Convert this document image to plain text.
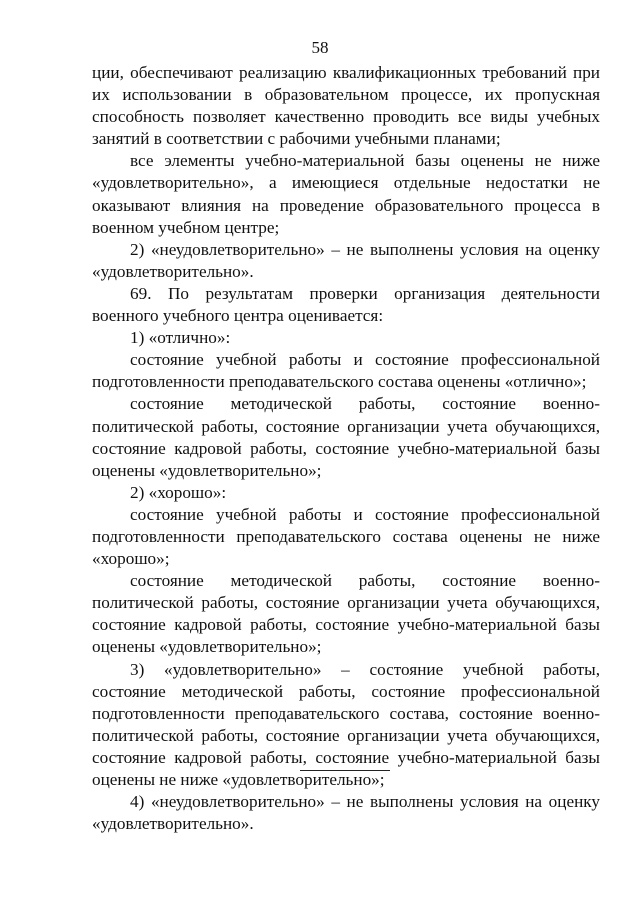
58

ции, обеспечивают реализацию квалификационных требований при их использовании в образовательном процессе, их пропускная способность позволяет качественно проводить все виды учебных занятий в соответствии с рабочими учебными планами;

все элементы учебно-материальной базы оценены не ниже «удовлетворительно», а имеющиеся отдельные недостатки не оказывают влияния на проведение образовательного процесса в военном учебном центре;

2) «неудовлетворительно» – не выполнены условия на оценку «удовлетворительно».

69. По результатам проверки организация деятельности военного учебного центра оценивается:

1) «отлично»:

состояние учебной работы и состояние профессиональной подготовленности преподавательского состава оценены «отлично»;

состояние методической работы, состояние военно-политической работы, состояние организации учета обучающихся, состояние кадровой работы, состояние учебно-материальной базы оценены «удовлетворительно»;

2) «хорошо»:

состояние учебной работы и состояние профессиональной подготовленности преподавательского состава оценены не ниже «хорошо»;

состояние методической работы, состояние военно-политической работы, состояние организации учета обучающихся, состояние кадровой работы, состояние учебно-материальной базы оценены «удовлетворительно»;

3) «удовлетворительно» – состояние учебной работы, состояние методической работы, состояние профессиональной подготовленности преподавательского состава, состояние военно-политической работы, состояние организации учета обучающихся, состояние кадровой работы, состояние учебно-материальной базы оценены не ниже «удовлетворительно»;

4) «неудовлетворительно» – не выполнены условия на оценку «удовлетворительно».
